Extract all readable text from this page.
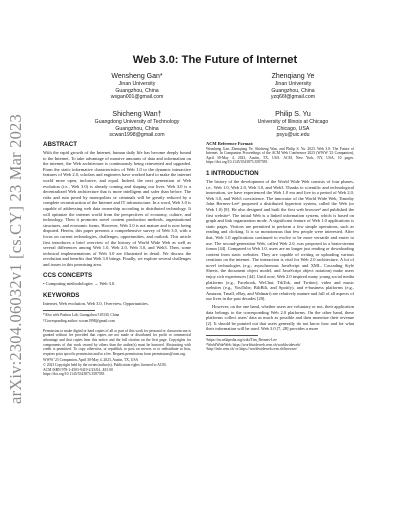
arXiv:2304.06032v1 [cs.CY] 23 Mar 2023
Web 3.0: The Future of Internet
Wensheng Gan*
Jinan University
Guangzhou, China
wsgan001@gmail.com
Zhenqiang Ye
Jinan University
Guangzhou, China
yzq66f@gmail.com
Shicheng Wan†
Guangdong University of Technology
Guangzhou, China
scwan1998@gmail.com
Philip S. Yu
University of Illinois at Chicago
Chicago, USA
psyu@uic.edu
ABSTRACT
With the rapid growth of the Internet, human daily life has become deeply bound to the Internet. To take advantage of massive amounts of data and information on the internet, the Web architecture is continuously being reinvented and upgraded. From the static informative characteristics of Web 1.0 to the dynamic interactive features of Web 2.0, scholars and engineers have worked hard to make the internet world more open, inclusive, and equal. Indeed, the next generation of Web evolution (i.e., Web 3.0) is already coming and shaping our lives. Web 3.0 is a decentralized Web architecture that is more intelligent and safer than before. The risks and ruin posed by monopolists or criminals will be greatly reduced by a complete reconstruction of the Internet and IT infrastructure. In a word, Web 3.0 is capable of addressing web data ownership according to distributed technology. It will optimize the internet world from the perspectives of economy, culture, and technology. Then it promotes novel content production methods, organizational structures, and economic forms. However, Web 3.0 is not mature and is now being disputed. Herein, this paper presents a comprehensive survey of Web 3.0, with a focus on current technologies, challenges, opportunities, and outlook. This article first introduces a brief overview of the history of World Wide Web as well as several differences among Web 1.0, Web 2.0, Web 3.0, and Web3. Then, some technical implementations of Web 3.0 are illustrated in detail. We discuss the revolution and benefits that Web 3.0 brings. Finally, we explore several challenges and issues in this promising area.
CCS CONCEPTS
• Computing methodologies → Web 3.0.
KEYWORDS
Internet, Web evolution, Web 3.0, Overview, Opportunities.
*Also with Pazhou Lab, Guangzhou 510330, China
†Corresponding author: scwan1998@gmail.com
Permission to make digital or hard copies of all or part of this work for personal or classroom use is granted without fee provided that copies are not made or distributed for profit or commercial advantage and that copies bear this notice and the full citation on the first page. Copyrights for components of this work owned by others than the author(s) must be honored. Abstracting with credit is permitted. To copy otherwise, or republish, to post on servers or to redistribute to lists, requires prior specific permission and/or a fee. Request permissions from permissions@acm.org.
WWW '23 Companion, April 30-May 4, 2023, Austin, TX, USA
© 2023 Copyright held by the owner/author(s). Publication rights licensed to ACM.
ACM ISBN 978-1-4503-9419-2/23/04...$15.00
https://doi.org/10.1145/3543873.3587583
ACM Reference Format:
Wensheng Gan, Zhenqiang Ye, Shicheng Wan, and Philip S. Yu. 2023. Web 3.0: The Future of Internet. In Companion Proceedings of the ACM Web Conference 2023 (WWW '23 Companion), April 30-May 4, 2023, Austin, TX, USA. ACM, New York, NY, USA, 10 pages. https://doi.org/10.1145/3543873.3587583
1 INTRODUCTION
The history of the development of the World Wide Web consists of four phases, i.e., Web 1.0, Web 2.0, Web 3.0, and Web3. Thanks to scientific and technological innovation, we have experienced the Web 1.0 era and live in a period of Web 2.0, Web 3.0, and Web3 coexistence. The innovator of the World Wide Web, Timothy John Berners-Lee¹ proposed a distributed hypertext system, called the Web (or Web 1.0) [8]. He also designed and built the first web browser² and published the first website³. The initial Web is a linked information system, which is based on graph and link organization mode. A significant feature of Web 1.0 applications is static pages. Visitors are permitted to perform a few simple operations, such as reading and clicking. It is so monotonous that few people were interested. After that, Web 1.0 applications continued to evolve to be more versatile and easier to use. The second-generation Web, called Web 2.0, was proposed in a brain-stream forum [44]. Compared to Web 1.0, users are no longer just reading or downloading content from static websites. They are capable of writing or uploading various creations on the internet. The interaction is vital for Web 2.0 architecture. A lot of novel technologies (e.g., asynchronous JavaScript and XML, Cascading Style Sheets, the document object model, and JavaScript object notation) make users enjoy rich experiences [44]. Until now, Web 2.0 inspired many young social media platforms (e.g., Facebook, WeChat, TikTok, and Twitter), video and music websites (e.g., YouTube, BiliBili, and Spotify), and e-business platforms (e.g., Amazon, Tmall, eBay, and Walmart) are relatively mature and full of all aspects of our lives in the past decades [20].
However, on the one hand, whether users are voluntary or not, their application data belongs to the corresponding Web 2.0 platforms. On the other hand, these platforms collect users' data as much as possible and then monetize their revenue [2]. It should be pointed out that users generally do not know how and for what their information will be used. Web 3.0 [7, 28] provides a more
¹https://en.wikipedia.org/wiki/Tim_Berners-Lee
²WorldWideWeb: https://worldwideweb.cern.ch/worldwideweb/
³http://info.cern.ch/ or https://worldwideweb.cern.ch/browser/
